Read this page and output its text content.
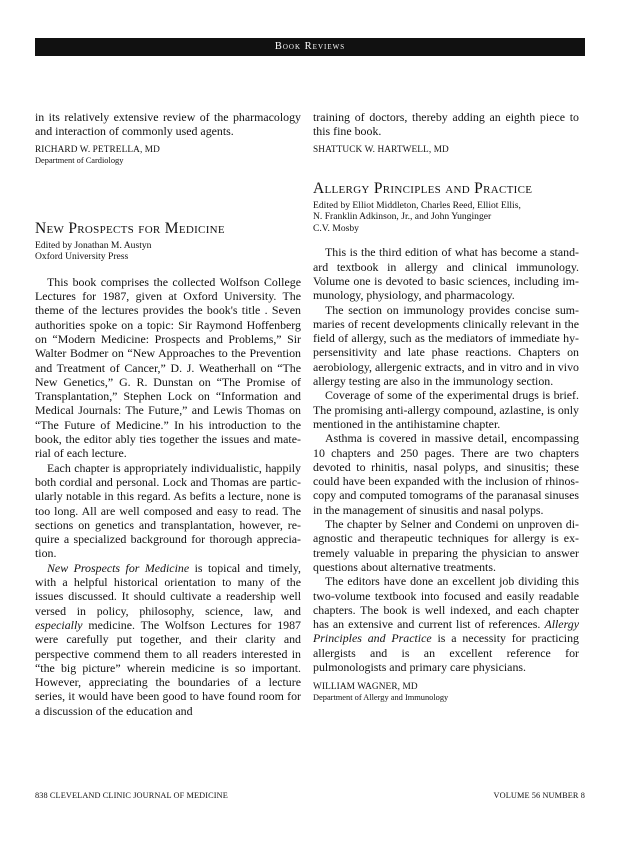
Book Reviews

in its relatively extensive review of the pharmacology and interaction of commonly used agents.

RICHARD W. PETRELLA, MD
Department of Cardiology
New Prospects for Medicine
Edited by Jonathan M. Austyn
Oxford University Press

This book comprises the collected Wolfson College Lectures for 1987, given at Oxford University. The theme of the lectures provides the book's title . Seven authorities spoke on a topic: Sir Raymond Hoffenberg on “Modern Medicine: Prospects and Problems,” Sir Walter Bodmer on “New Approaches to the Prevention and Treatment of Cancer,” D. J. Weatherhall on “The New Genetics,” G. R. Dunstan on “The Promise of Transplantation,” Stephen Lock on “Information and Medical Journals: The Future,” and Lewis Thomas on “The Future of Medicine.” In his introduction to the book, the editor ably ties together the issues and material of each lecture.

Each chapter is appropriately individualistic, happily both cordial and personal. Lock and Thomas are particularly notable in this regard. As befits a lecture, none is too long. All are well composed and easy to read. The sections on genetics and transplantation, however, require a specialized background for thorough appreciation.

New Prospects for Medicine is topical and timely, with a helpful historical orientation to many of the issues discussed. It should cultivate a readership well versed in policy, philosophy, science, law, and especially medicine. The Wolfson Lectures for 1987 were carefully put together, and their clarity and perspective commend them to all readers interested in “the big picture” wherein medicine is so important. However, appreciating the boundaries of a lecture series, it would have been good to have found room for a discussion of the education and

training of doctors, thereby adding an eighth piece to this fine book.

SHATTUCK W. HARTWELL, MD
Allergy Principles and Practice
Edited by Elliot Middleton, Charles Reed, Elliot Ellis,
N. Franklin Adkinson, Jr., and John Yunginger
C.V. Mosby

This is the third edition of what has become a standard textbook in allergy and clinical immunology. Volume one is devoted to basic sciences, including immunology, physiology, and pharmacology.

The section on immunology provides concise summaries of recent developments clinically relevant in the field of allergy, such as the mediators of immediate hypersensitivity and late phase reactions. Chapters on aerobiology, allergenic extracts, and in vitro and in vivo allergy testing are also in the immunology section.

Coverage of some of the experimental drugs is brief. The promising anti-allergy compound, azlastine, is only mentioned in the antihistamine chapter.

Asthma is covered in massive detail, encompassing 10 chapters and 250 pages. There are two chapters devoted to rhinitis, nasal polyps, and sinusitis; these could have been expanded with the inclusion of rhinoscopy and computed tomograms of the paranasal sinuses in the management of sinusitis and nasal polyps.

The chapter by Selner and Condemi on unproven diagnostic and therapeutic techniques for allergy is extremely valuable in preparing the physician to answer questions about alternative treatments.

The editors have done an excellent job dividing this two-volume textbook into focused and easily readable chapters. The book is well indexed, and each chapter has an extensive and current list of references. Allergy Principles and Practice is a necessity for practicing allergists and is an excellent reference for pulmonologists and primary care physicians.

WILLIAM WAGNER, MD
Department of Allergy and Immunology
838 CLEVELAND CLINIC JOURNAL OF MEDICINE	VOLUME 56 NUMBER 8
